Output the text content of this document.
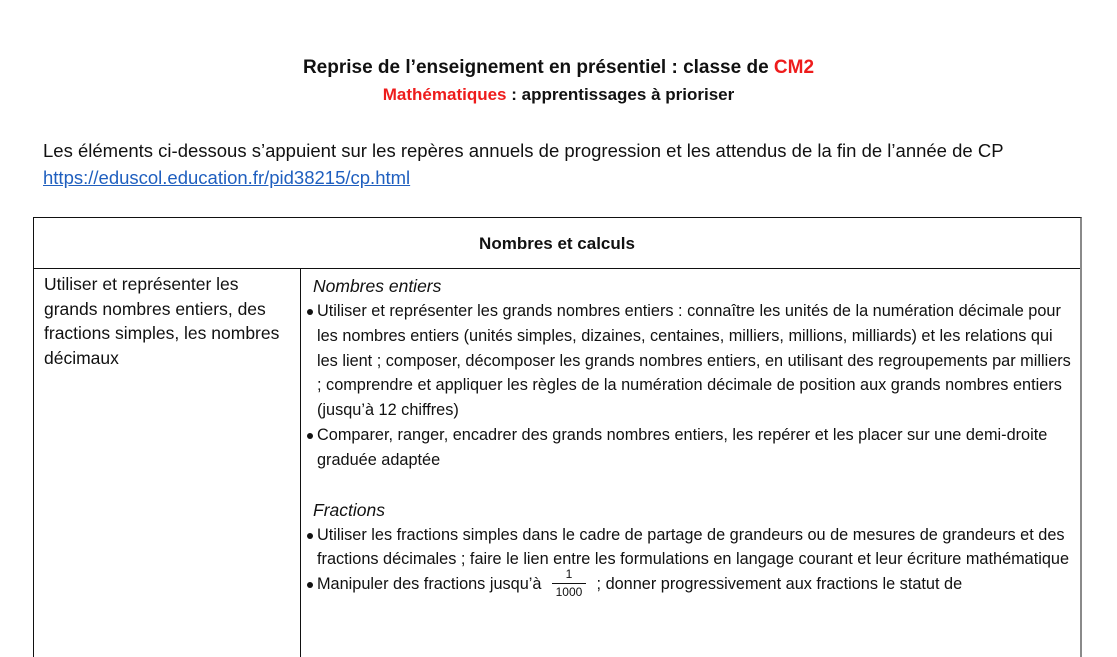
Reprise de l’enseignement en présentiel : classe de CM2
Mathématiques : apprentissages à prioriser
Les éléments ci-dessous s’appuient sur les repères annuels de progression et les attendus de la fin de l’année de CP
https://eduscol.education.fr/pid38215/cp.html
Nombres et calculs
Utiliser et représenter les grands nombres entiers, des fractions simples, les nombres décimaux
Nombres entiers
Utiliser et représenter les grands nombres entiers : connaître les unités de la numération décimale pour les nombres entiers (unités simples, dizaines, centaines, milliers, millions, milliards) et les relations qui les lient ; composer, décomposer les grands nombres entiers, en utilisant des regroupements par milliers ; comprendre et appliquer les règles de la numération décimale de position aux grands nombres entiers (jusqu’à 12 chiffres)
Comparer, ranger, encadrer des grands nombres entiers, les repérer et les placer sur une demi-droite graduée adaptée
Fractions
Utiliser les fractions simples dans le cadre de partage de grandeurs ou de mesures de grandeurs et des fractions décimales ; faire le lien entre les formulations en langage courant et leur écriture mathématique
Manipuler des fractions jusqu’à $\frac{1}{1000}$ ; donner progressivement aux fractions le statut de
